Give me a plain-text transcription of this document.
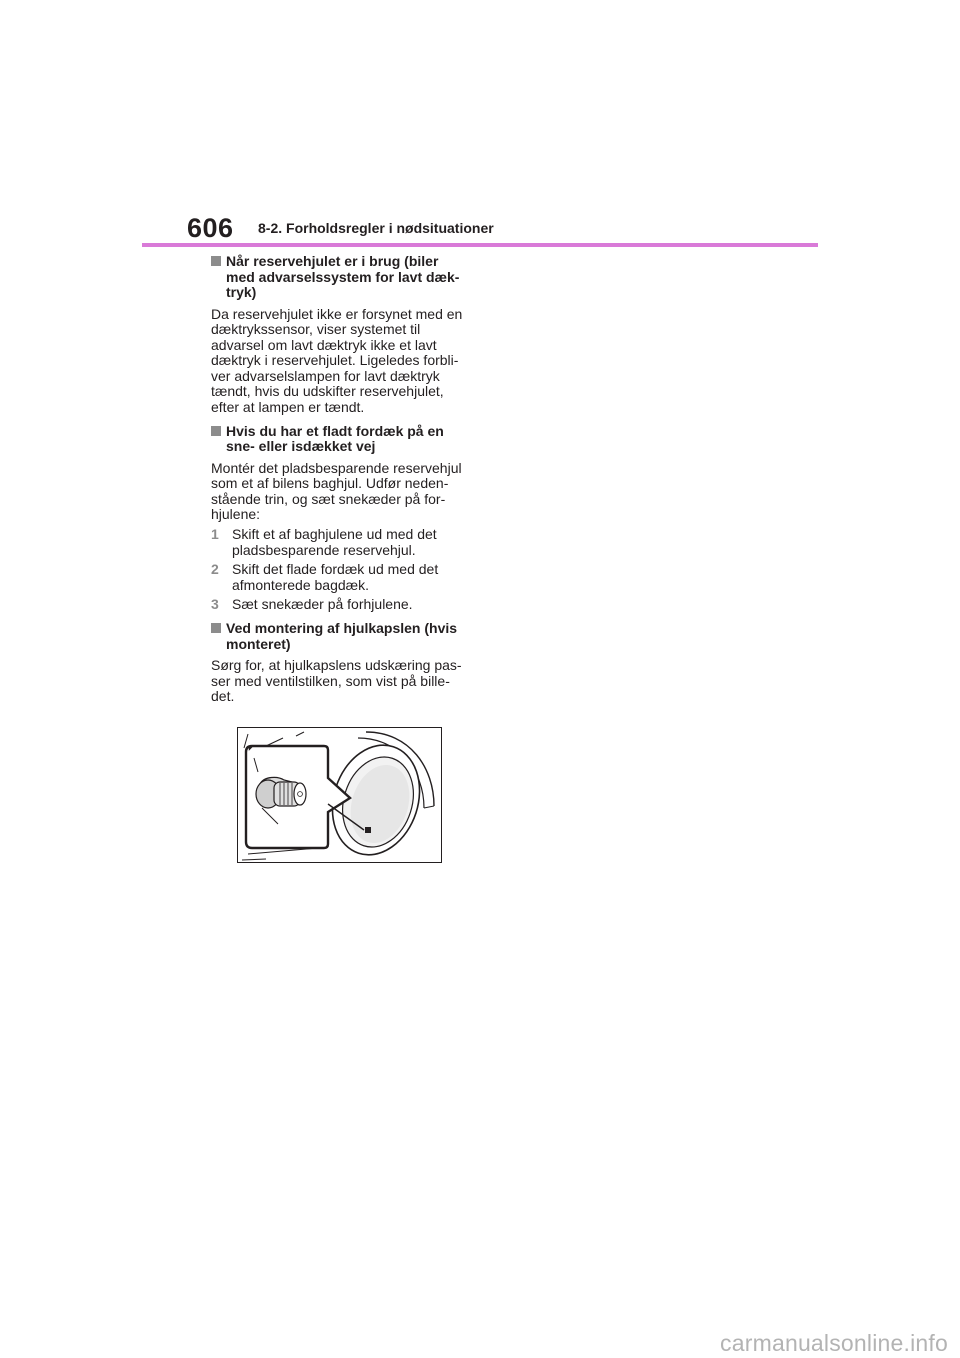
606 8-2. Forholdsregler i nødsituationer
Når reservehjulet er i brug (biler
med advarselssystem for lavt dæk-
tryk)
Da reservehjulet ikke er forsynet med en
dæktrykssensor, viser systemet til
advarsel om lavt dæktryk ikke et lavt
dæktryk i reservehjulet. Ligeledes forbli-
ver advarselslampen for lavt dæktryk
tændt, hvis du udskifter reservehjulet,
efter at lampen er tændt.
Hvis du har et fladt fordæk på en
sne- eller isdækket vej
Montér det pladsbesparende reservehjul
som et af bilens baghjul. Udfør neden-
stående trin, og sæt snekæder på for-
hjulene:
1 Skift et af baghjulene ud med det
pladsbesparende reservehjul.
2 Skift det flade fordæk ud med det
afmonterede bagdæk.
3 Sæt snekæder på forhjulene.
Ved montering af hjulkapslen (hvis
monteret)
Sørg for, at hjulkapslens udskæring pas-
ser med ventilstilken, som vist på bille-
det.
carmanualsonline.info
